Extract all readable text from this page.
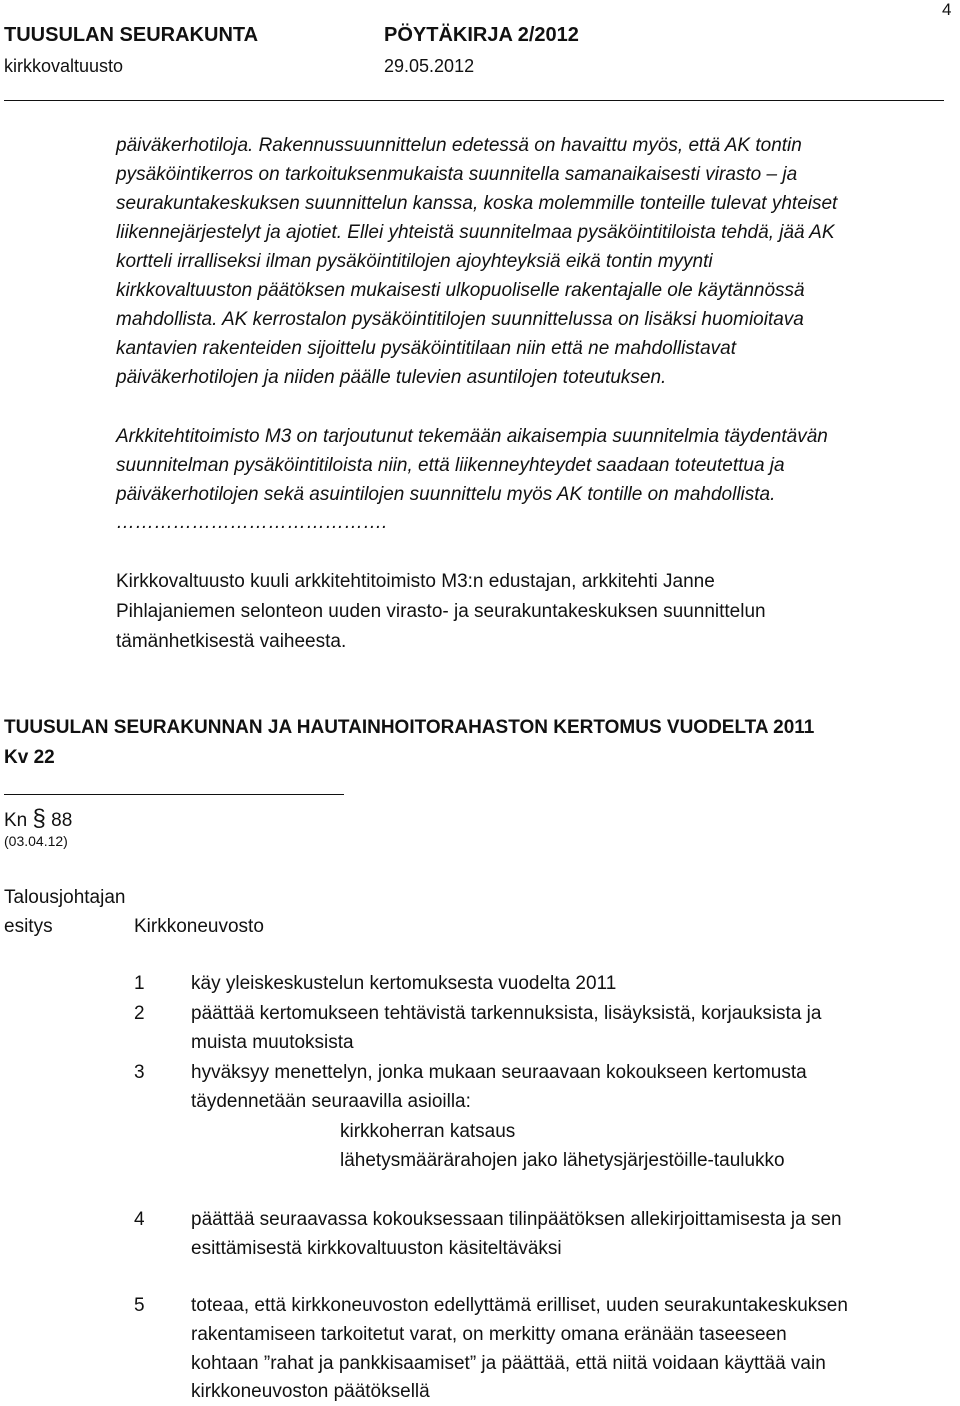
TUUSULAN SEURAKUNTA	PÖYTÄKIRJA 2/2012
kirkkovaltuusto	29.05.2012
4
päiväkerhotiloja. Rakennussuunnittelun edetessä on havaittu myös, että AK tontin
pysäköintikerros on tarkoituksenmukaista suunnitella samanaikaisesti virasto – ja
seurakuntakeskuksen suunnittelun kanssa, koska molemmille tonteille tulevat yhteiset
liikennejärjestelyt ja ajotiet. Ellei yhteistä suunnitelmaa pysäköintitiloista tehdä, jää AK
kortteli irralliseksi ilman pysäköintitilojen ajoyhteyksiä eikä tontin myynti
kirkkovaltuuston päätöksen mukaisesti ulkopuoliselle rakentajalle ole käytännössä
mahdollista. AK kerrostalon pysäköintitilojen suunnittelussa on lisäksi huomioitava
kantavien rakenteiden sijoittelu pysäköintitilaan niin että ne mahdollistavat
päiväkerhotilojen ja niiden päälle tulevien asuntilojen toteutuksen.
Arkkitehtitoimisto M3 on tarjoutunut tekemään aikaisempia suunnitelmia täydentävän
suunnitelman pysäköintitiloista niin, että liikenneyhteydet saadaan toteutettua ja
päiväkerhotilojen sekä asuintilojen suunnittelu myös AK tontille on mahdollista.
…………………………………….
Kirkkovaltuusto kuuli arkkitehtitoimisto M3:n edustajan, arkkitehti Janne
Pihlajaniemen selonteon uuden virasto- ja seurakuntakeskuksen suunnittelun
tämänhetkisestä vaiheesta.
TUUSULAN SEURAKUNNAN JA HAUTAINHOITORAHASTON KERTOMUS VUODELTA 2011
Kv 22
Kn § 88
(03.04.12)
Talousjohtajan
esitys	Kirkkoneuvosto
1 käy yleiskeskustelun kertomuksesta vuodelta 2011
2 päättää kertomukseen tehtävistä tarkennuksista, lisäyksistä, korjauksista ja
muista muutoksista
3 hyväksyy menettelyn, jonka mukaan seuraavaan kokoukseen kertomusta
täydennetään seuraavilla asioilla:
kirkkoherran katsaus
lähetysmäärärahojen jako lähetysjärjestöille-taulukko
4 päättää seuraavassa kokouksessaan tilinpäätöksen allekirjoittamisesta ja sen
esittämisestä kirkkovaltuuston käsiteltäväksi
5 toteaa, että kirkkoneuvoston edellyttämä erilliset, uuden seurakuntakeskuksen
rakentamiseen tarkoitetut varat, on merkitty omana eränään taseeseen
kohtaan ”rahat ja pankkisaamiset” ja päättää, että niitä voidaan käyttää vain
kirkkoneuvoston päätöksellä
